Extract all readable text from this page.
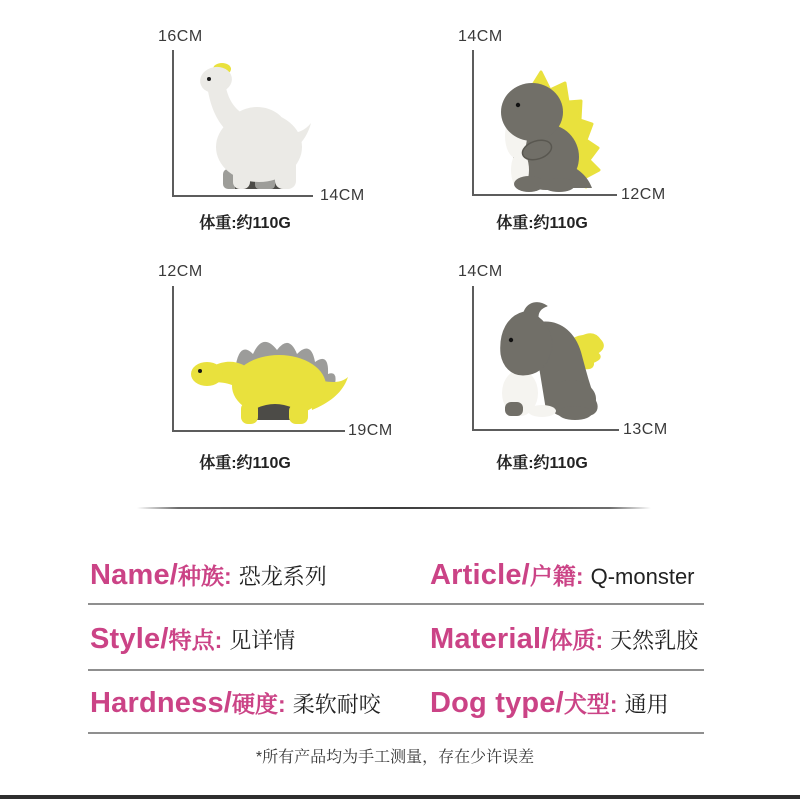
16CM
14CM
体重:约110G
14CM
12CM
体重:约110G
12CM
19CM
体重:约110G
14CM
13CM
体重:约110G
Name/种族: 恐龙系列	Article/户籍: Q-monster
Style/特点: 见详情	Material/体质: 天然乳胶
Hardness/硬度: 柔软耐咬 Dog type/犬型: 通用
*所有产品均为手工测量，存在少许误差
